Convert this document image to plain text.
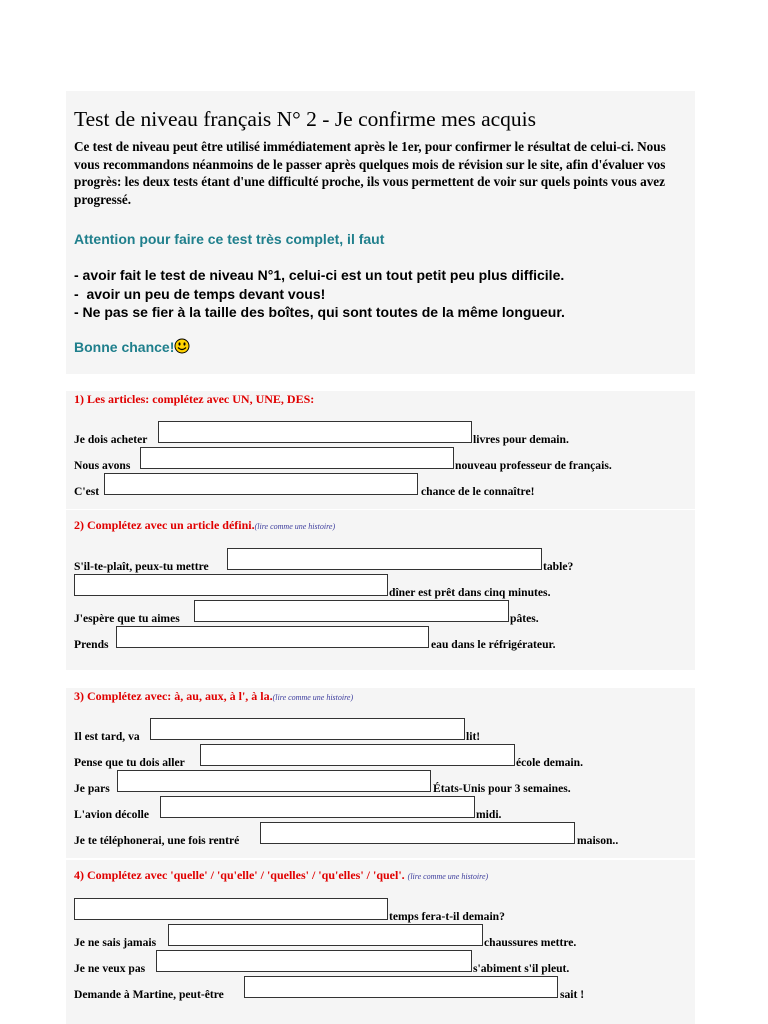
Test de niveau français N° 2 - Je confirme mes acquis

Ce test de niveau peut être utilisé immédiatement après le 1er, pour confirmer le résultat de celui-ci. Nous vous recommandons néanmoins de le passer après quelques mois de révision sur le site, afin d'évaluer vos progrès: les deux tests étant d'une difficulté proche, ils vous permettent de voir sur quels points vous avez progressé.

Attention pour faire ce test très complet, il faut

- avoir fait le test de niveau N°1, celui-ci est un tout petit peu plus difficile.
-  avoir un peu de temps devant vous!
- Ne pas se fier à la taille des boîtes, qui sont toutes de la même longueur.

Bonne chance!

1) Les articles: complétez avec UN, UNE, DES:
Je dois acheter	livres pour demain.
Nous avons	nouveau professeur de français.
C'est	chance de le connaître!
2) Complétez avec un article défini.(lire comme une histoire)
S'il-te-plaît, peux-tu mettre	table?
dîner est prêt dans cinq minutes.
J'espère que tu aimes	pâtes.
Prends	eau dans le réfrigérateur.
3) Complétez avec: à, au, aux, à l', à la.(lire comme une histoire)
Il est tard, va	lit!
Pense que tu dois aller	école demain.
Je pars	États-Unis pour 3 semaines.
L'avion décolle	midi.
Je te téléphonerai, une fois rentré	maison..
4) Complétez avec 'quelle' / 'qu'elle' / 'quelles' / 'qu'elles' / 'quel'. (lire comme une histoire)
temps fera-t-il demain?
Je ne sais jamais	chaussures mettre.
Je ne veux pas	s'abiment s'il pleut.
Demande à Martine, peut-être	sait !
